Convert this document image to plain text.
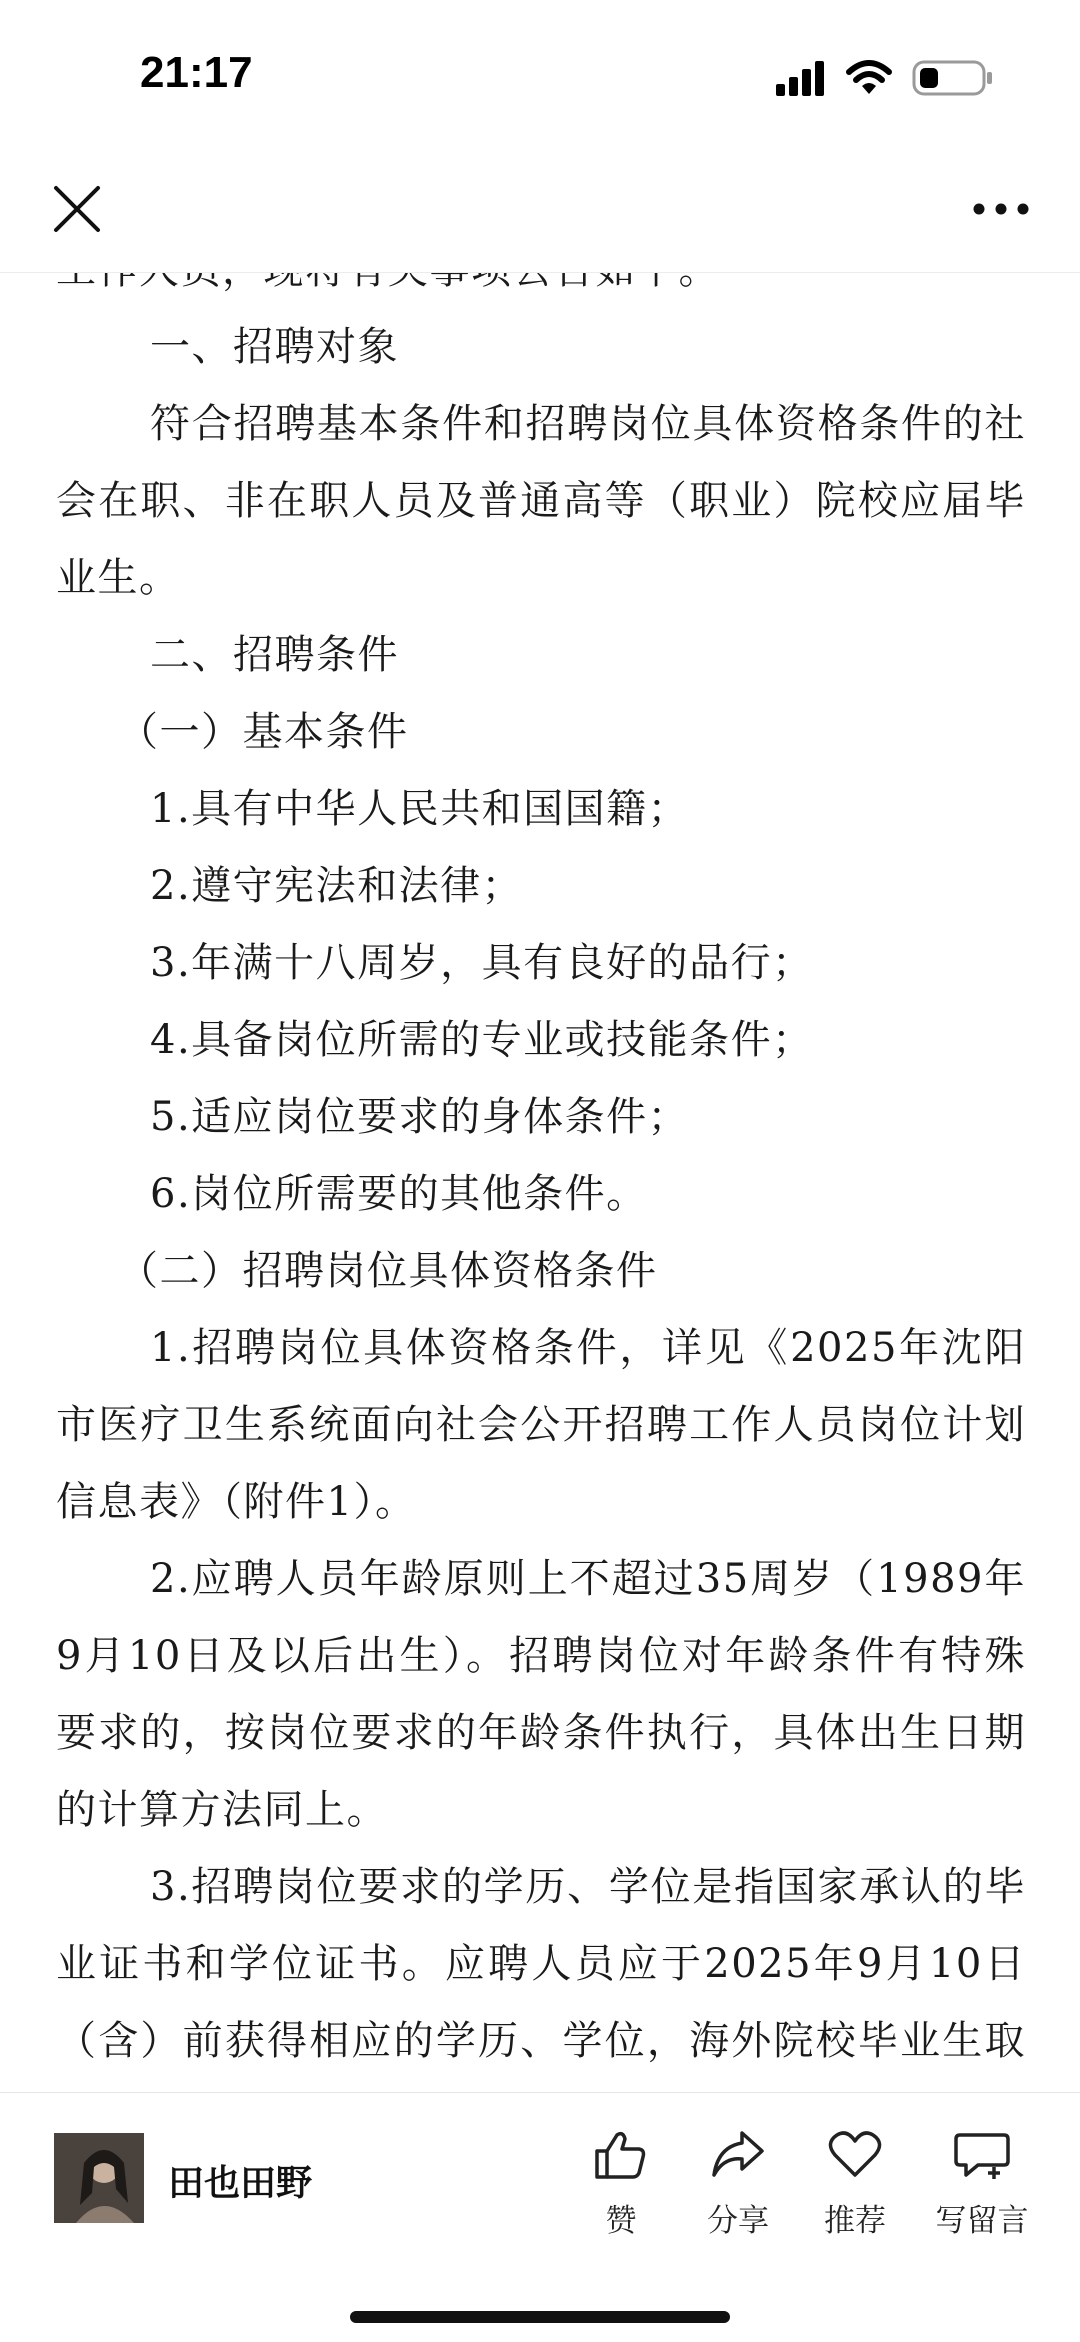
21:17

一、招聘对象

符合招聘基本条件和招聘岗位具体资格条件的社会在职、非在职人员及普通高等（职业）院校应届毕业生。

二、招聘条件

（一）基本条件

1.具有中华人民共和国国籍；

2.遵守宪法和法律；

3.年满十八周岁，具有良好的品行；

4.具备岗位所需的专业或技能条件；

5.适应岗位要求的身体条件；

6.岗位所需要的其他条件。

（二）招聘岗位具体资格条件

1.招聘岗位具体资格条件，详见《2025年沈阳市医疗卫生系统面向社会公开招聘工作人员岗位计划信息表》（附件1）。

2.应聘人员年龄原则上不超过35周岁（1989年9月10日及以后出生）。招聘岗位对年龄条件有特殊要求的，按岗位要求的年龄条件执行，具体出生日期的计算方法同上。

3.招聘岗位要求的学历、学位是指国家承认的毕业证书和学位证书。应聘人员应于2025年9月10日（含）前获得相应的学历、学位，海外院校毕业生取

田也田野
赞	分享	推荐	写留言
